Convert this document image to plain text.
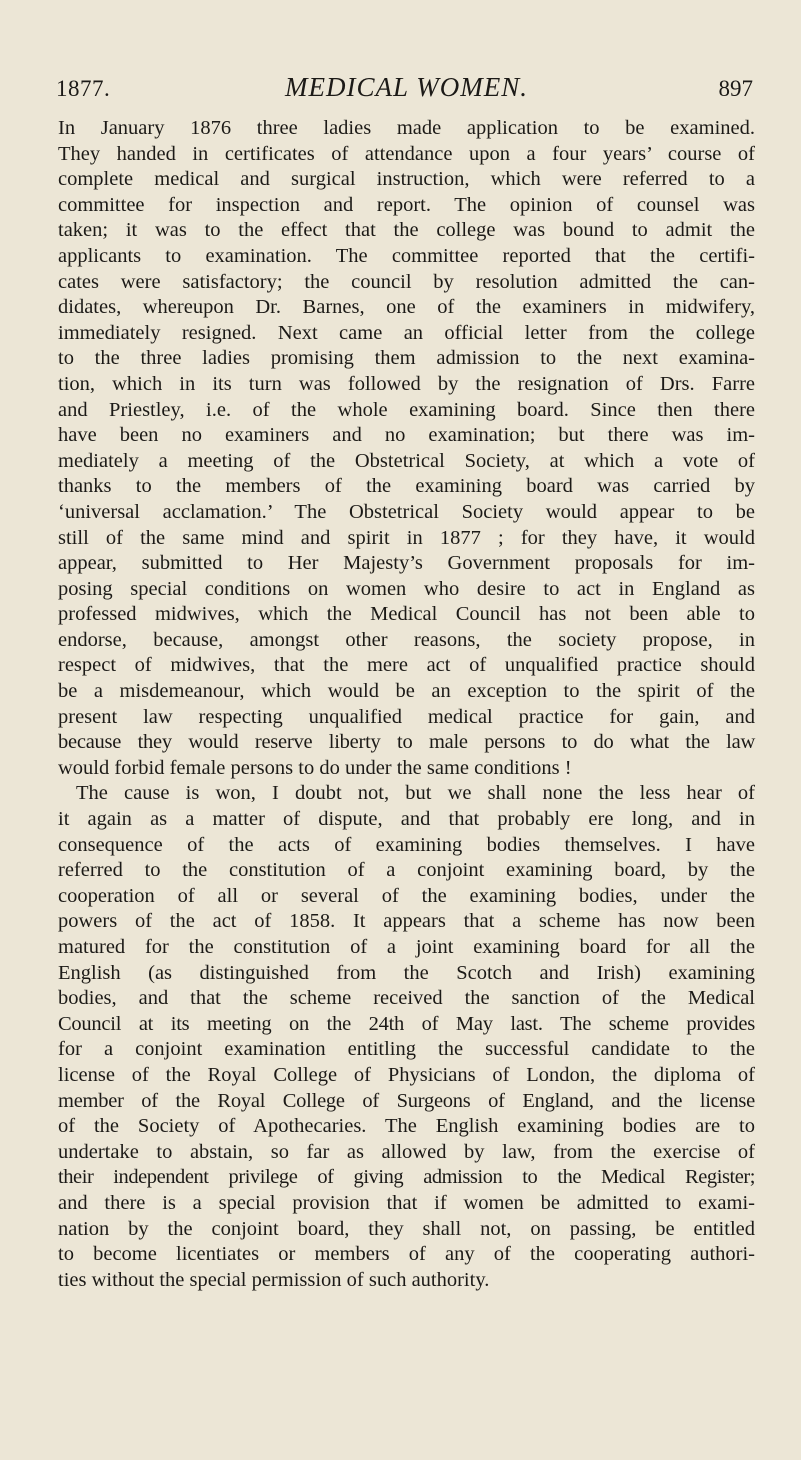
1877.	MEDICAL WOMEN.	897
In January 1876 three ladies made application to be examined.
They handed in certificates of attendance upon a four years’ course of
complete medical and surgical instruction, which were referred to a
committee for inspection and report. The opinion of counsel was
taken; it was to the effect that the college was bound to admit the
applicants to examination. The committee reported that the certifi-
cates were satisfactory; the council by resolution admitted the can-
didates, whereupon Dr. Barnes, one of the examiners in midwifery,
immediately resigned. Next came an official letter from the college
to the three ladies promising them admission to the next examina-
tion, which in its turn was followed by the resignation of Drs. Farre
and Priestley, i.e. of the whole examining board. Since then there
have been no examiners and no examination; but there was im-
mediately a meeting of the Obstetrical Society, at which a vote of
thanks to the members of the examining board was carried by
‘universal acclamation.’ The Obstetrical Society would appear to be
still of the same mind and spirit in 1877 ; for they have, it would
appear, submitted to Her Majesty’s Government proposals for im-
posing special conditions on women who desire to act in England as
professed midwives, which the Medical Council has not been able to
endorse, because, amongst other reasons, the society propose, in
respect of midwives, that the mere act of unqualified practice should
be a misdemeanour, which would be an exception to the spirit of the
present law respecting unqualified medical practice for gain, and
because they would reserve liberty to male persons to do what the law
would forbid female persons to do under the same conditions !
The cause is won, I doubt not, but we shall none the less hear of
it again as a matter of dispute, and that probably ere long, and in
consequence of the acts of examining bodies themselves. I have
referred to the constitution of a conjoint examining board, by the
cooperation of all or several of the examining bodies, under the
powers of the act of 1858. It appears that a scheme has now been
matured for the constitution of a joint examining board for all the
English (as distinguished from the Scotch and Irish) examining
bodies, and that the scheme received the sanction of the Medical
Council at its meeting on the 24th of May last. The scheme provides
for a conjoint examination entitling the successful candidate to the
license of the Royal College of Physicians of London, the diploma of
member of the Royal College of Surgeons of England, and the license
of the Society of Apothecaries. The English examining bodies are to
undertake to abstain, so far as allowed by law, from the exercise of
their independent privilege of giving admission to the Medical Register;
and there is a special provision that if women be admitted to exami-
nation by the conjoint board, they shall not, on passing, be entitled
to become licentiates or members of any of the cooperating authori-
ties without the special permission of such authority.
